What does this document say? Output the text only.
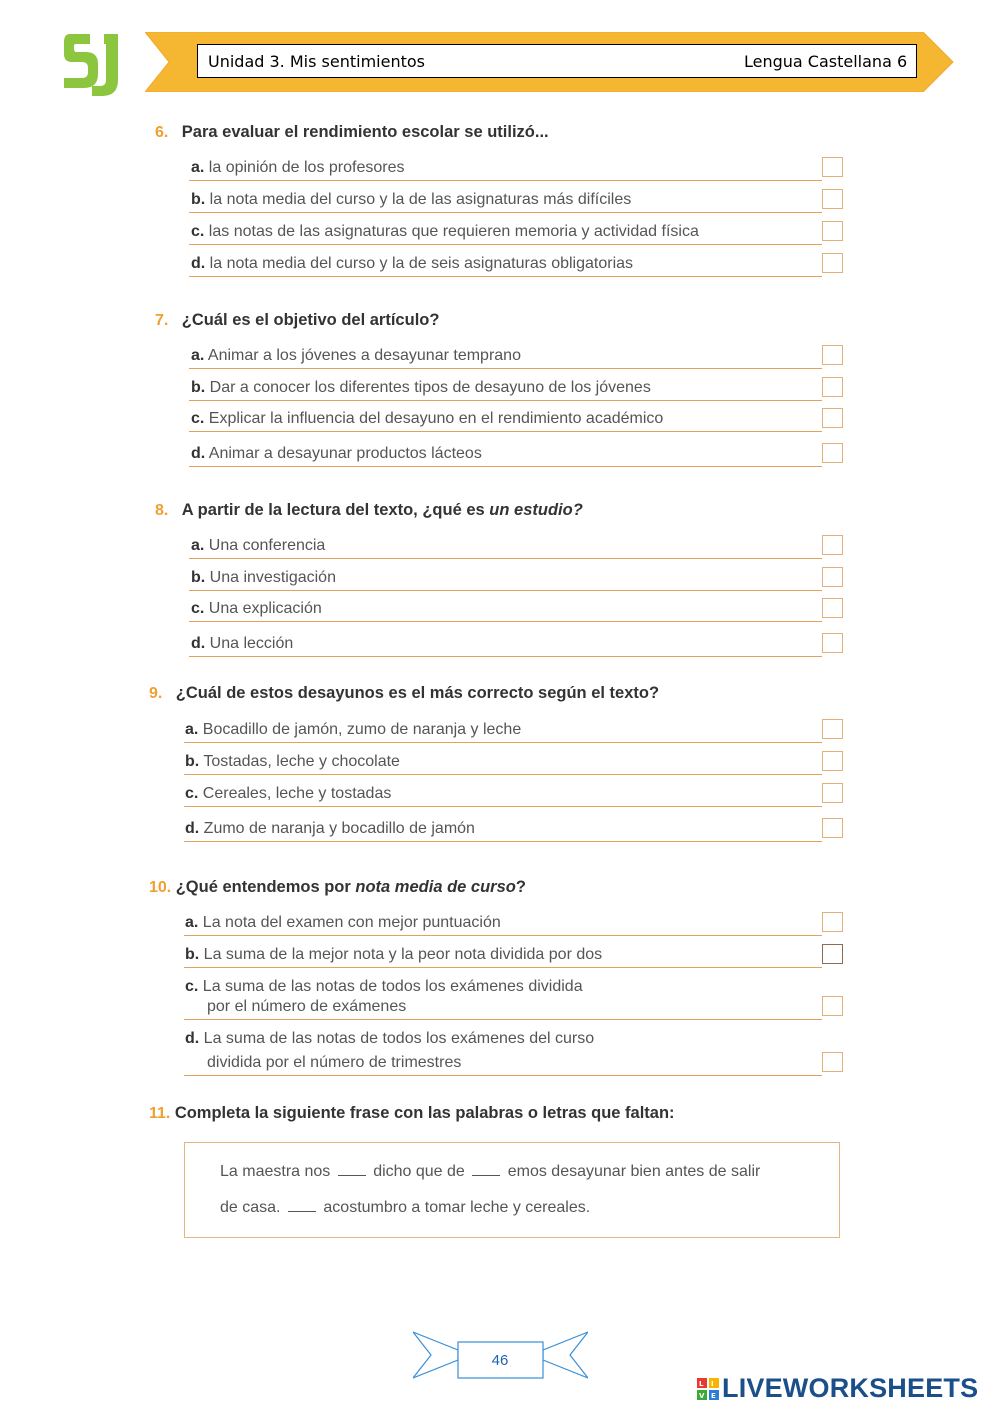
Unidad 3. Mis sentimientos	Lengua Castellana 6
6. Para evaluar el rendimiento escolar se utilizó...
a. la opinión de los profesores
b. la nota media del curso y la de las asignaturas más difíciles
c. las notas de las asignaturas que requieren memoria y actividad física
d. la nota media del curso y la de seis asignaturas obligatorias
7. ¿Cuál es el objetivo del artículo?
a. Animar a los jóvenes a desayunar temprano
b. Dar a conocer los diferentes tipos de desayuno de los jóvenes
c. Explicar la influencia del desayuno en el rendimiento académico
d. Animar a desayunar productos lácteos
8. A partir de la lectura del texto, ¿qué es un estudio?
a. Una conferencia
b. Una investigación
c. Una explicación
d. Una lección
9. ¿Cuál de estos desayunos es el más correcto según el texto?
a. Bocadillo de jamón, zumo de naranja y leche
b. Tostadas, leche y chocolate
c. Cereales, leche y tostadas
d. Zumo de naranja y bocadillo de jamón
10. ¿Qué entendemos por nota media de curso?
a. La nota del examen con mejor puntuación
b. La suma de la mejor nota y la peor nota dividida por dos
c. La suma de las notas de todos los exámenes dividida
por el número de exámenes
d. La suma de las notas de todos los exámenes del curso
dividida por el número de trimestres
11. Completa la siguiente frase con las palabras o letras que faltan:
La maestra nos	dicho que de	emos desayunar bien antes de salir
de casa.	acostumbro a tomar leche y cereales.
46
L I
V E LIVEWORKSHEETS
